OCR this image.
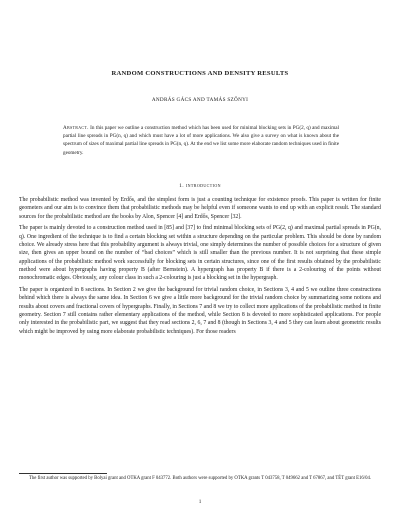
RANDOM CONSTRUCTIONS AND DENSITY RESULTS
ANDRÁS GÁCS AND TAMÁS SZŐNYI
Abstract. In this paper we outline a construction method which has been used for minimal blocking sets in PG(2, q) and maximal partial line spreads in PG(n, q) and which must have a lot of more applications. We also give a survey on what is known about the spectrum of sizes of maximal partial line spreads in PG(n, q). At the end we list some more elaborate random techniques used in finite geometry.
1. introduction

The probabilistic method was invented by Erdős, and the simplest form is just a counting technique for existence proofs. This paper is written for finite geometers and our aim is to convince them that probabilistic methods may be helpful even if someone wants to end up with an explicit result. The standard sources for the probabilistic method are the books by Alon, Spencer [4] and Erdős, Spencer [32].

The paper is mainly devoted to a construction method used in [85] and [37] to find minimal blocking sets of PG(2, q) and maximal partial spreads in PG(n, q). One ingredient of the technique is to find a certain blocking set within a structure depending on the particular problem. This should be done by random choice. We already stress here that this probability argument is always trivial, one simply determines the number of possible choices for a structure of given size, then gives an upper bound on the number of “bad choices” which is still smaller than the previous number. It is not surprising that these simple applications of the probabilistic method work successfully for blocking sets in certain structures, since one of the first results obtained by the probabilistic method were about hypergraphs having property B (after Bernstein). A hypergraph has property B if there is a 2-colouring of the points without monochromatic edges. Obviously, any colour class in such a 2-colouring is just a blocking set in the hypergraph.

The paper is organized in 8 sections. In Section 2 we give the background for trivial random choice, in Sections 3, 4 and 5 we outline three constructions behind which there is always the same idea. In Section 6 we give a little more background for the trivial random choice by summarizing some notions and results about covers and fractional covers of hypergraphs. Finally, in Sections 7 and 8 we try to collect more applications of the probabilistic method in finite geometry. Section 7 still contains rather elementary applications of the method, while Section 8 is devoted to more sophisticated applications. For people only interested in the probabilistic part, we suggest that they read sections 2, 6, 7 and 8 (though in Sections 3, 4 and 5 they can learn about geometric results which might be improved by using more elaborate probabilistic techniques). For those readers

The first author was supported by Bolyai grant and OTKA grant F 043772. Both authors were supported by OTKA grants T 043758, T 049662 and T 67867, and TÉT grant E16/04.
1
